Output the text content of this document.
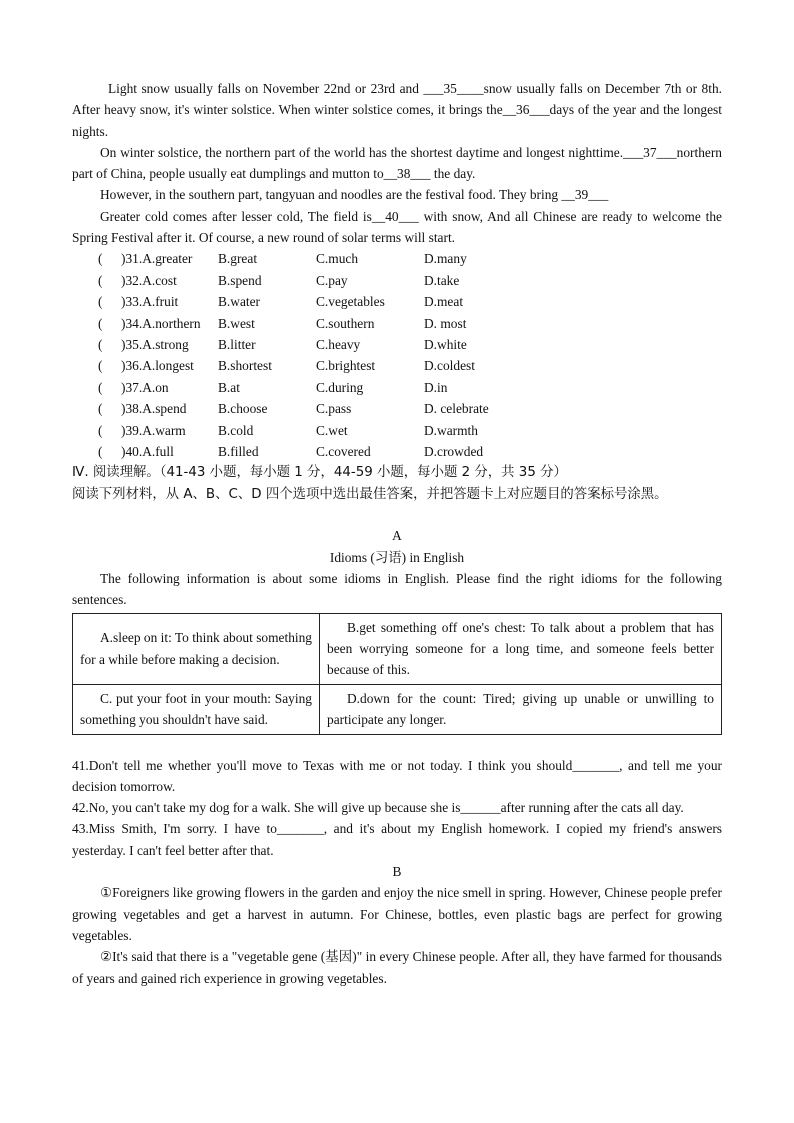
Light snow usually falls on November 22nd or 23rd and ___35____snow usually falls on December 7th or 8th. After heavy snow, it's winter solstice. When winter solstice comes, it brings the__36___days of the year and the longest nights.

On winter solstice, the northern part of the world has the shortest daytime and longest nighttime.___37___northern part of China, people usually eat dumplings and mutton to__38___ the day.

However, in the southern part, tangyuan and noodles are the festival food. They bring __39___

Greater cold comes after lesser cold, The field is__40___ with snow, And all Chinese are ready to welcome the Spring Festival after it. Of course, a new round of solar terms will start.

(	)31.A.greater	B.great	C.much	D.many
(	)32.A.cost	B.spend	C.pay	D.take
(	)33.A.fruit	B.water	C.vegetables	D.meat
(	)34.A.northern	B.west	C.southern	D. most
(	)35.A.strong	B.litter	C.heavy	D.white
(	)36.A.longest	B.shortest	C.brightest	D.coldest
(	)37.A.on	B.at	C.during	D.in
(	)38.A.spend	B.choose	C.pass	D. celebrate
(	)39.A.warm	B.cold	C.wet	D.warmth
(	)40.A.full	B.filled	C.covered	D.crowded

Ⅳ. 阅读理解。（41-43 小题，每小题 1 分，44-59 小题，每小题 2 分，共 35 分）

阅读下列材料，从 A、B、C、D 四个选项中选出最佳答案，并把答题卡上对应题目的答案标号涂黑。

A

Idioms (习语) in English

The following information is about some idioms in English. Please find the right idioms for the following sentences.

A.sleep on it: To think about something for a while before making a decision.	B.get something off one's chest: To talk about a problem that has been worrying someone for a long time, and someone feels better because of this.
C. put your foot in your mouth: Saying something you shouldn't have said.	D.down for the count: Tired; giving up unable or unwilling to participate any longer.

41.Don't tell me whether you'll move to Texas with me or not today. I think you should_______, and tell me your decision tomorrow.

42.No, you can't take my dog for a walk. She will give up because she is______after running after the cats all day.

43.Miss Smith, I'm sorry. I have to_______, and it's about my English homework. I copied my friend's answers yesterday. I can't feel better after that.

B

①Foreigners like growing flowers in the garden and enjoy the nice smell in spring. However, Chinese people prefer growing vegetables and get a harvest in autumn. For Chinese, bottles, even plastic bags are perfect for growing vegetables.

②It's said that there is a "vegetable gene (基因)" in every Chinese people. After all, they have farmed for thousands of years and gained rich experience in growing vegetables.
